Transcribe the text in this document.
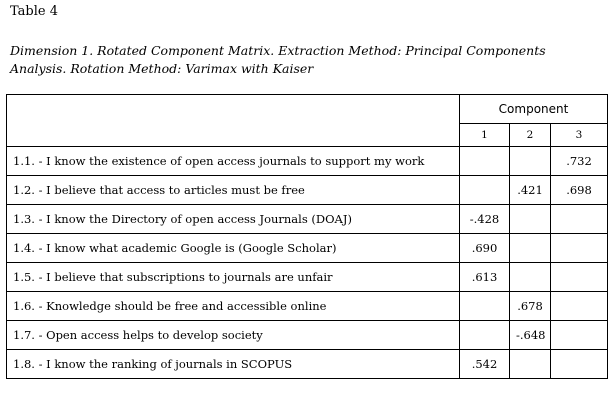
Table 4
Dimension 1. Rotated Component Matrix. Extraction Method: Principal Components Analysis. Rotation Method: Varimax with Kaiser
	Component		
	1	2	3
1.1. - I know the existence of open access journals to support my work			.732
1.2. - I believe that access to articles must be free		.421	.698
1.3. - I know the Directory of open access Journals (DOAJ)	-.428		
1.4. - I know what academic Google is (Google Scholar)	.690		
1.5. - I believe that subscriptions to journals are unfair	.613		
1.6. - Knowledge should be free and accessible online		.678	
1.7. - Open access helps to develop society		-.648	
1.8. - I know the ranking of journals in SCOPUS	.542		
